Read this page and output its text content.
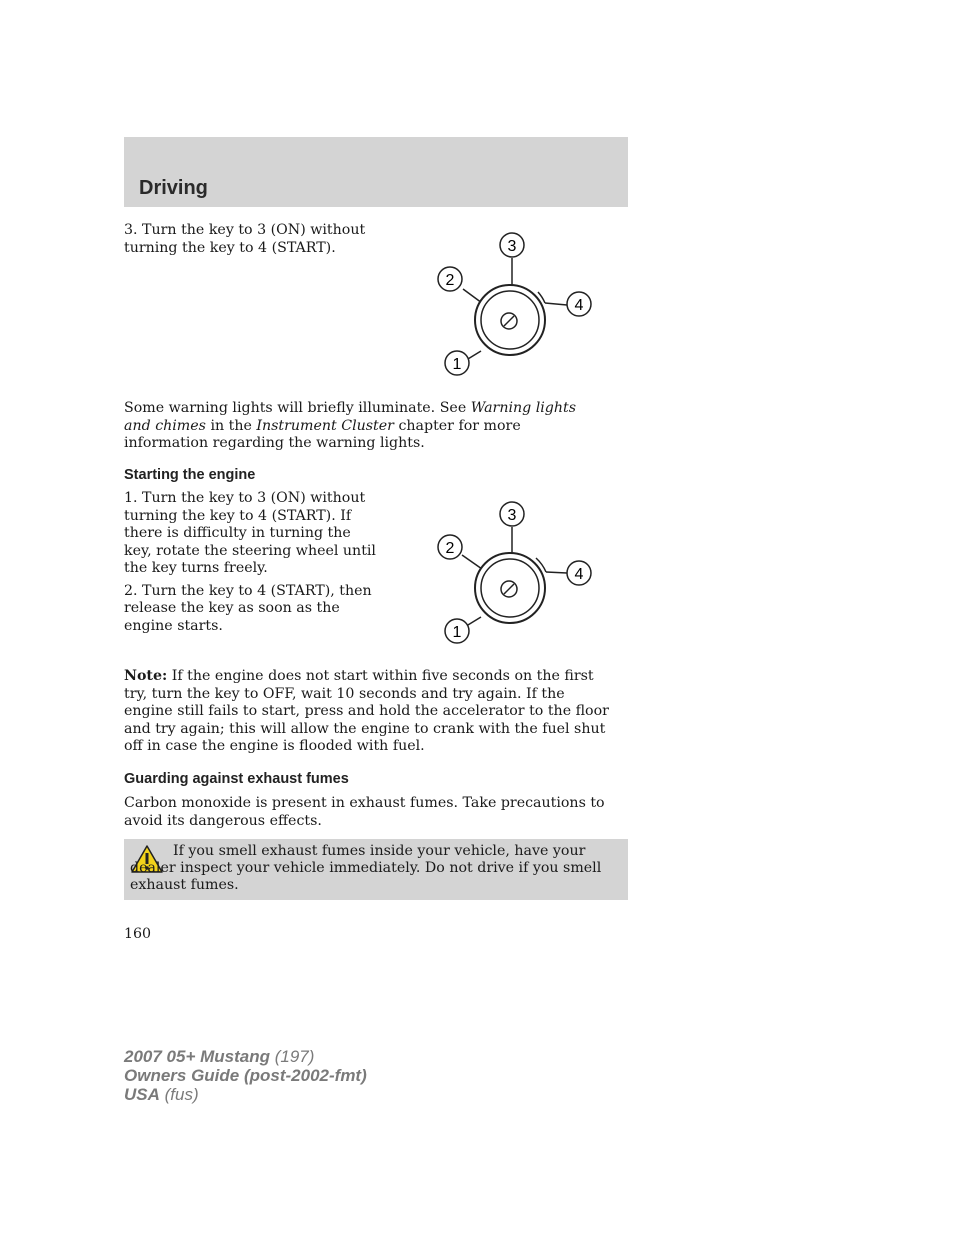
Driving
3. Turn the key to 3 (ON) without turning the key to 4 (START).	3
2
4
1
Some warning lights will briefly illuminate. See Warning lights and chimes in the Instrument Cluster chapter for more information regarding the warning lights.
Starting the engine

1. Turn the key to 3 (ON) without turning the key to 4 (START). If there is difficulty in turning the key, rotate the steering wheel until the key turns freely.

2. Turn the key to 4 (START), then release the key as soon as the engine starts.

3
2
4
1
Note: If the engine does not start within five seconds on the first try, turn the key to OFF, wait 10 seconds and try again. If the engine still fails to start, press and hold the accelerator to the floor and try again; this will allow the engine to crank with the fuel shut off in case the engine is flooded with fuel.
Guarding against exhaust fumes
Carbon monoxide is present in exhaust fumes. Take precautions to avoid its dangerous effects.
If you smell exhaust fumes inside your vehicle, have your dealer inspect your vehicle immediately. Do not drive if you smell exhaust fumes.
160
2007 05+ Mustang (197)
Owners Guide (post-2002-fmt)
USA (fus)
